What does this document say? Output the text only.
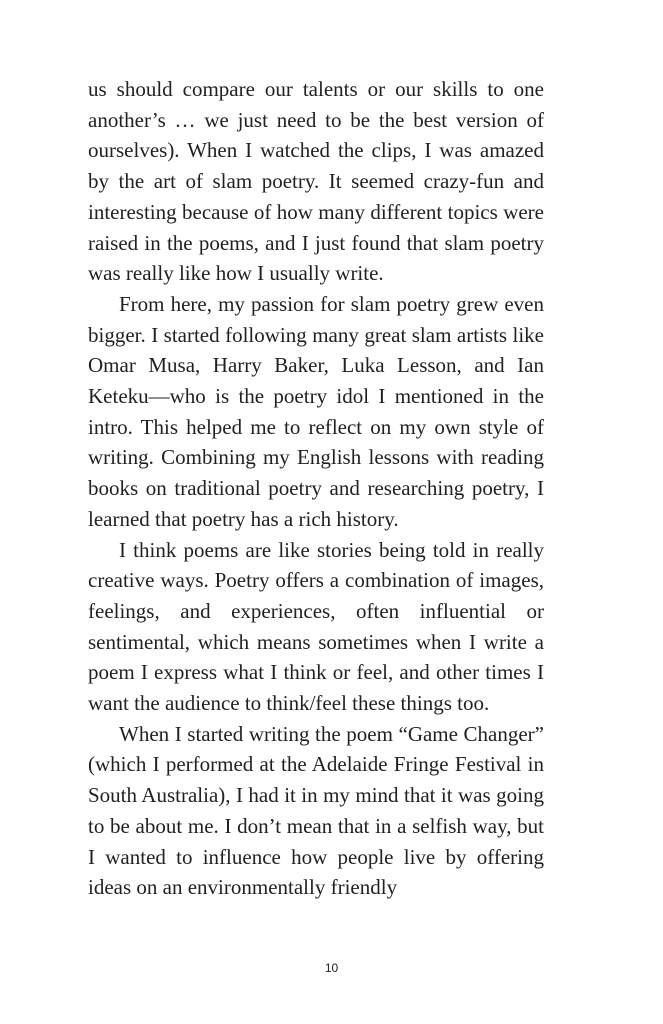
us should compare our talents or our skills to one another’s … we just need to be the best version of ourselves). When I watched the clips, I was amazed by the art of slam poetry. It seemed crazy-fun and interesting because of how many different topics were raised in the poems, and I just found that slam poetry was really like how I usually write.

From here, my passion for slam poetry grew even bigger. I started following many great slam artists like Omar Musa, Harry Baker, Luka Lesson, and Ian Keteku—who is the poetry idol I mentioned in the intro. This helped me to reflect on my own style of writing. Combining my English lessons with reading books on traditional poetry and researching poetry, I learned that poetry has a rich history.

I think poems are like stories being told in really creative ways. Poetry offers a combination of images, feelings, and experiences, often influential or sentimental, which means sometimes when I write a poem I express what I think or feel, and other times I want the audience to think/feel these things too.

When I started writing the poem “Game Changer” (which I performed at the Adelaide Fringe Festival in South Australia), I had it in my mind that it was going to be about me. I don’t mean that in a selfish way, but I wanted to influence how people live by offering ideas on an environmentally friendly

10
